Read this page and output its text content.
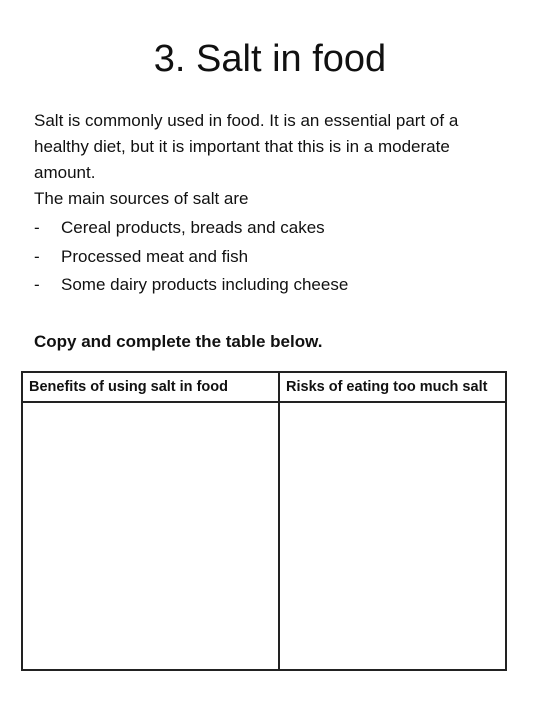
3. Salt in food

Salt is commonly used in food. It is an essential part of a healthy diet, but it is important that this is in a moderate amount.

The main sources of salt are

-	Cereal products, breads and cakes
-	Processed meat and fish
-	Some dairy products including cheese

Copy and complete the table below.

Benefits of using salt in food	Risks of eating too much salt
